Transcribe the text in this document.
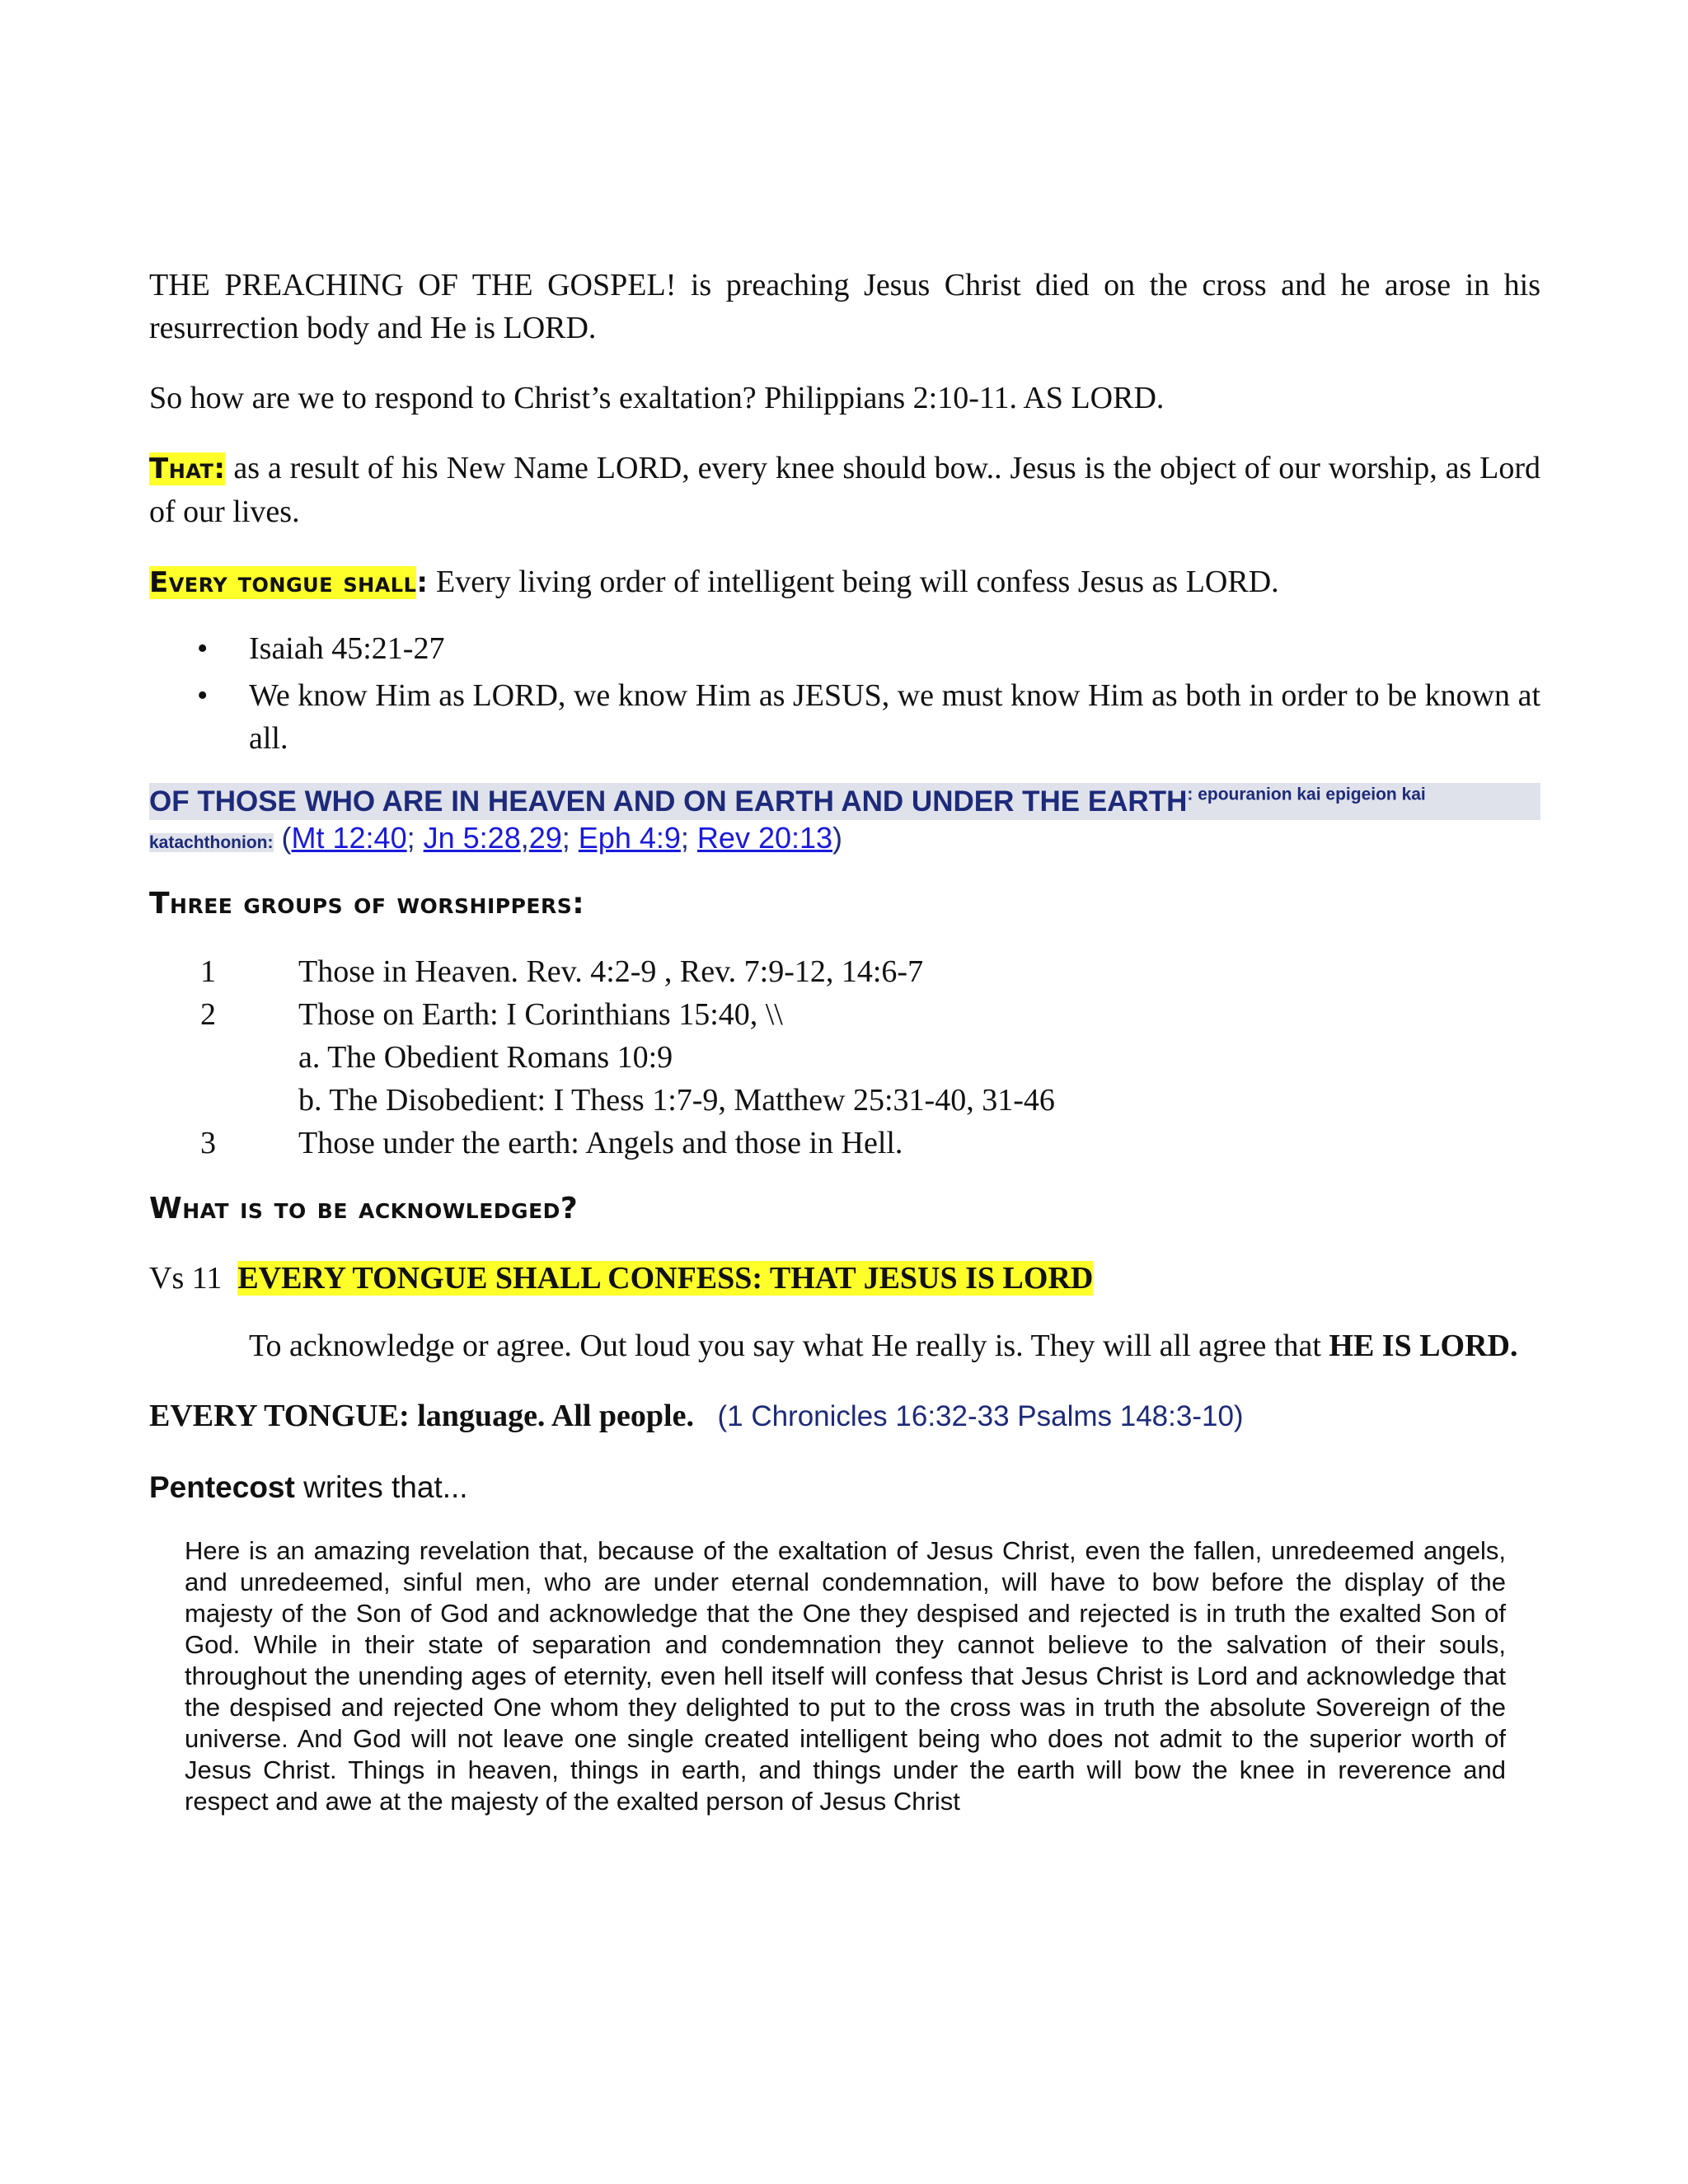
THE PREACHING OF THE GOSPEL! is preaching Jesus Christ died on the cross and he arose in his resurrection body and He is LORD.

So how are we to respond to Christ’s exaltation? Philippians 2:10-11. AS LORD.

That: as a result of his New Name LORD, every knee should bow.. Jesus is the object of our worship, as Lord of our lives.

Every tongue shall: Every living order of intelligent being will confess Jesus as LORD.

• Isaiah 45:21-27
• We know Him as LORD, we know Him as JESUS, we must know Him as both in order to be known at all.
OF THOSE WHO ARE IN HEAVEN AND ON EARTH AND UNDER THE $EARTH^{: epouranion kai epigeion kai}$
katachthonion: (Mt 12:40; Jn 5:28,29; Eph 4:9; Rev 20:13)

Three groups of worshippers:

1	Those in Heaven. Rev. 4:2-9 , Rev. 7:9-12, 14:6-7
2	Those on Earth: I Corinthians 15:40, \\
a. The Obedient Romans 10:9
b. The Disobedient: I Thess 1:7-9, Matthew 25:31-40, 31-46
3	Those under the earth: Angels and those in Hell.

What is to be acknowledged?

Vs 11  EVERY TONGUE SHALL CONFESS: THAT JESUS IS LORD

To acknowledge or agree. Out loud you say what He really is. They will all agree that HE IS LORD.

EVERY TONGUE: language. All people. (1 Chronicles 16:32-33 Psalms 148:3-10)

Pentecost writes that...

Here is an amazing revelation that, because of the exaltation of Jesus Christ, even the fallen, unredeemed angels, and unredeemed, sinful men, who are under eternal condemnation, will have to bow before the display of the majesty of the Son of God and acknowledge that the One they despised and rejected is in truth the exalted Son of God. While in their state of separation and condemnation they cannot believe to the salvation of their souls, throughout the unending ages of eternity, even hell itself will confess that Jesus Christ is Lord and acknowledge that the despised and rejected One whom they delighted to put to the cross was in truth the absolute Sovereign of the universe. And God will not leave one single created intelligent being who does not admit to the superior worth of Jesus Christ. Things in heaven, things in earth, and things under the earth will bow the knee in reverence and respect and awe at the majesty of the exalted person of Jesus Christ
